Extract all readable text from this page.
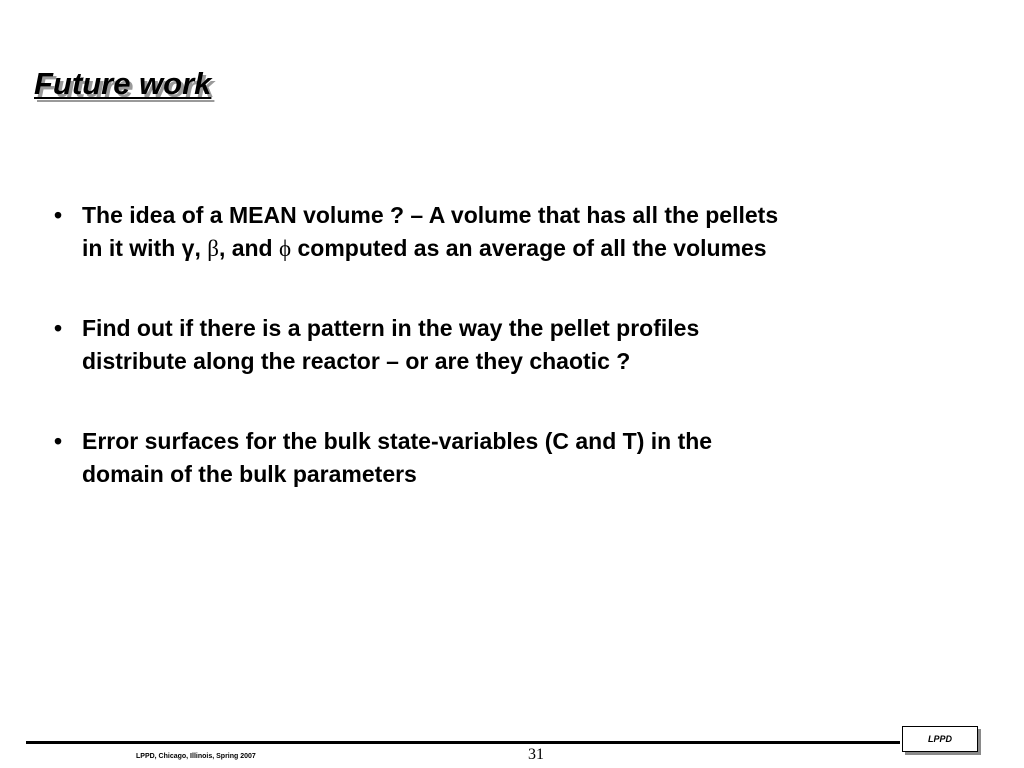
Future work
• The idea of a MEAN volume ? – A volume that has all the pellets
in it with γ, β, and ϕ computed as an average of all the volumes
• Find out if there is a pattern in the way the pellet profiles
distribute along the reactor – or are they chaotic ?
• Error surfaces for the bulk state-variables (C and T) in the
domain of the bulk parameters
LPPD, Chicago, Illinois, Spring 2007	31
LPPD
